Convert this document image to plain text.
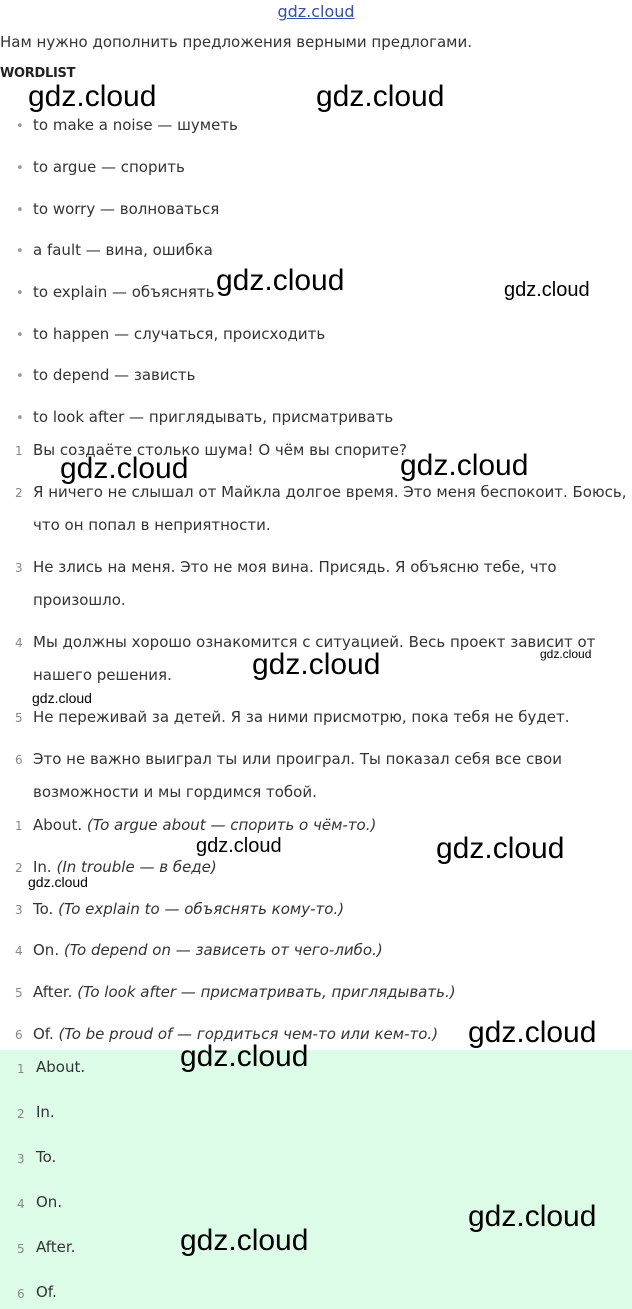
gdz.cloud
Нам нужно дополнить предложения верными предлогами.
WORDLIST
• to make a noise — шуметь
• to argue — спорить
• to worry — волноваться
• a fault — вина, ошибка
• to explain — объяснять
• to happen — случаться, происходить
• to depend — зависть
• to look after — приглядывать, присматривать
1 Вы создаёте столько шума! О чём вы спорите?
2 Я ничего не слышал от Майкла долгое время. Это меня беспокоит. Боюсь,
что он попал в неприятности.
3 Не злись на меня. Это не моя вина. Присядь. Я объясню тебе, что
произошло.
4 Мы должны хорошо ознакомится с ситуацией. Весь проект зависит от
нашего решения.
5 Не переживай за детей. Я за ними присмотрю, пока тебя не будет.
6 Это не важно выиграл ты или проиграл. Ты показал себя все свои
возможности и мы гордимся тобой.
1 About. (To argue about — спорить о чём-то.)
2 In. (In trouble — в беде)
3 To. (To explain to — объяснять кому-то.)
4 On. (To depend on — зависеть от чего-либо.)
5 After. (To look after — присматривать, приглядывать.)
6 Of. (To be proud of — гордиться чем-то или кем-то.)
1 About.
2 In.
3 To.
4 On.
5 After.
6 Of.
gdz.cloud	gdz.cloud
gdz.cloud	gdz.cloud
gdz.cloud	gdz.cloud
gdz.cloud	gdz.cloud
gdz.cloud
gdz.cloud	gdz.cloud
gdz.cloud
gdz.cloud
gdz.cloud
gdz.cloud
gdz.cloud
